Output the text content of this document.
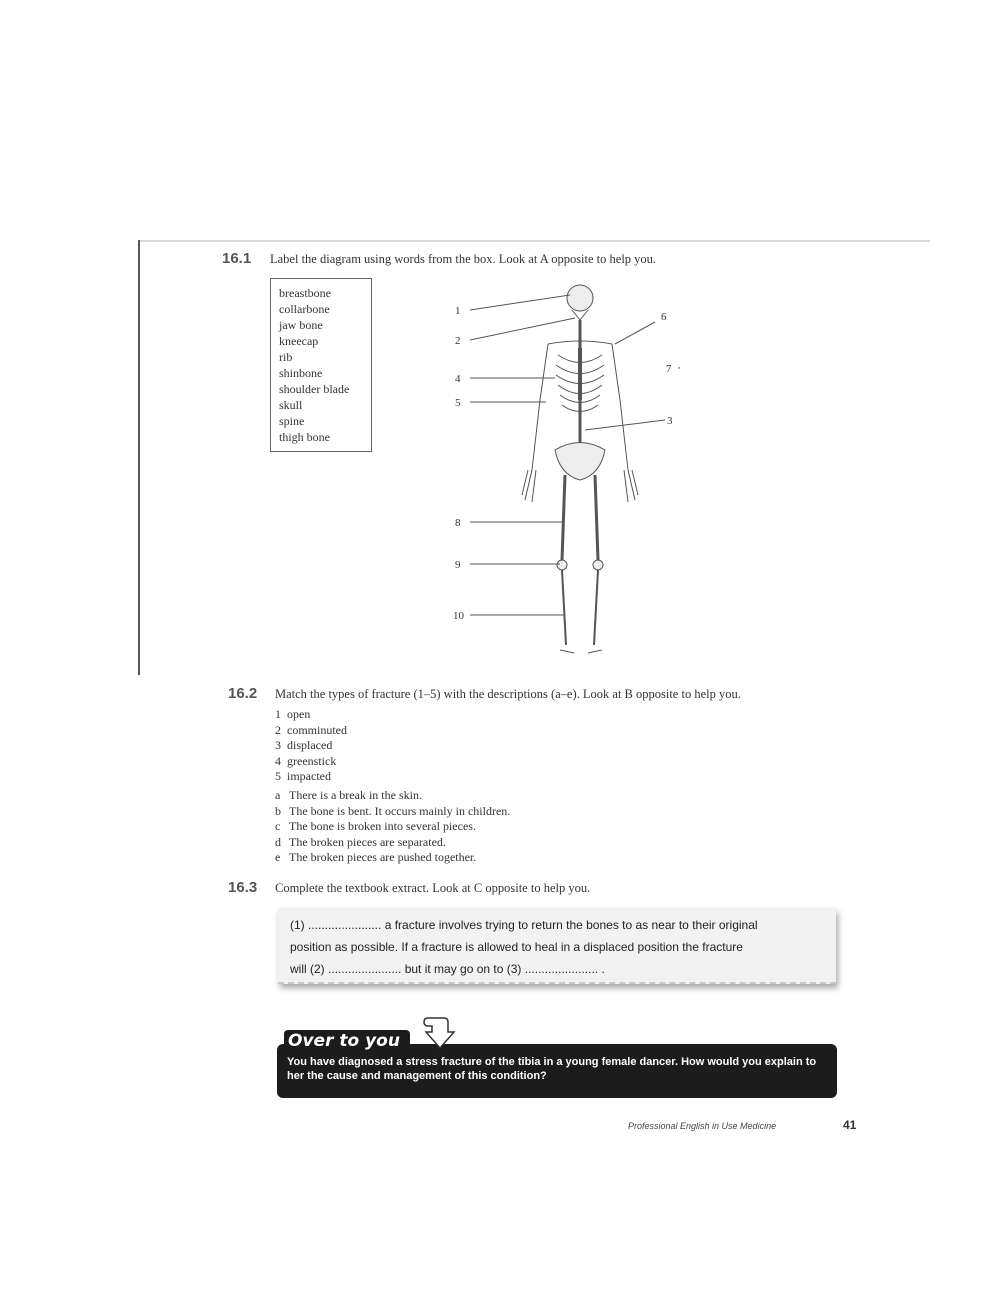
16.1 Label the diagram using words from the box. Look at A opposite to help you.
breastbone
collarbone
jaw bone
kneecap
rib
shinbone
shoulder blade
skull
spine
thigh bone
1
2
3
4
5
6
7
8
9
10
16.2 Match the types of fracture (1–5) with the descriptions (a–e). Look at B opposite to help you.
1 open
2 comminuted
3 displaced
4 greenstick
5 impacted
a There is a break in the skin.
b The bone is bent. It occurs mainly in children.
c The bone is broken into several pieces.
d The broken pieces are separated.
e The broken pieces are pushed together.
16.3 Complete the textbook extract. Look at C opposite to help you.
(1) ...................... a fracture involves trying to return the bones to as near to their original
position as possible. If a fracture is allowed to heal in a displaced position the fracture
will (2) ...................... but it may go on to (3) ...................... .
You have diagnosed a stress fracture of the tibia in a young female dancer. How would you explain to her the cause and management of this condition?
Over to you
Professional English in Use Medicine	41
